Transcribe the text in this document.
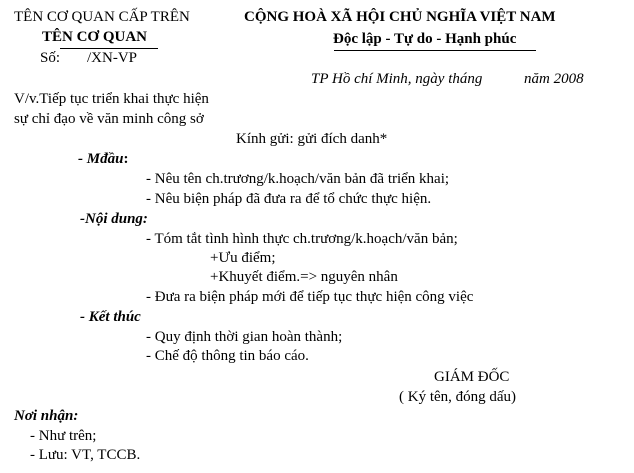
TÊN CƠ QUAN CẤP TRÊN
TÊN CƠ QUAN
Số: /XN-VP
CỘNG HOÀ XÃ HỘI CHỦ NGHĨA VIỆT NAM
Độc lập - Tự do - Hạnh phúc
TP Hồ chí Minh, ngày tháng	năm 2008
V/v.Tiếp tục triển khai thực hiện
sự chỉ đạo về văn minh công sở
Kính gửi: gửi đích danh*
- Mđầu:
- Nêu tên ch.trương/k.hoạch/văn bản đã triển khai;
- Nêu biện pháp đã đưa ra để tổ chức thực hiện.
-Nội dung:
- Tóm tắt tình hình thực ch.trương/k.hoạch/văn bản;
+Ưu điểm;
+Khuyết điểm.=> nguyên nhân
- Đưa ra biện pháp mới để tiếp tục thực hiện công việc
- Kết thúc
- Quy định thời gian hoàn thành;
- Chế độ thông tin báo cáo.
GIÁM ĐỐC
( Ký tên, đóng dấu)
Nơi nhận:
- Như trên;
- Lưu: VT, TCCB.
